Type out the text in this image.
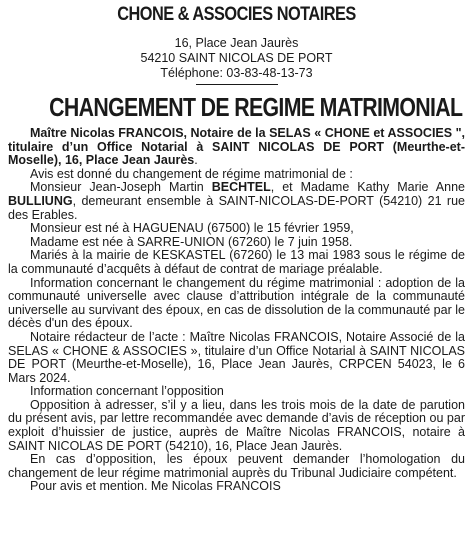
CHONE & ASSOCIES NOTAIRES

16, Place Jean Jaurès

54210 SAINT NICOLAS DE PORT

Téléphone: 03-83-48-13-73

CHANGEMENT DE REGIME MATRIMONIAL

Maître Nicolas FRANCOIS, Notaire de la SELAS « CHONE et ASSOCIES ", titulaire d’un Office Notarial à SAINT NICOLAS DE PORT (Meurthe-et-Moselle), 16, Place Jean Jaurès.

Avis est donné du changement de régime matrimonial de :

Monsieur Jean-Joseph Martin BECHTEL, et Madame Kathy Marie Anne BULLIUNG, demeurant ensemble à SAINT-NICOLAS-DE-PORT (54210) 21 rue des Erables.

Monsieur est né à HAGUENAU (67500) le 15 février 1959,

Madame est née à SARRE-UNION (67260) le 7 juin 1958.

Mariés à la mairie de KESKASTEL (67260) le 13 mai 1983 sous le régime de la communauté d’acquêts à défaut de contrat de mariage préalable.

Information concernant le changement du régime matrimonial : adoption de la communauté universelle avec clause d’attribution intégrale de la communauté universelle au survivant des époux, en cas de dissolution de la communauté par le décès d'un des époux.

Notaire rédacteur de l’acte : Maître Nicolas FRANCOIS, Notaire Associé de la SELAS « CHONE & ASSOCIES », titulaire d’un Office Notarial à SAINT NICOLAS DE PORT (Meurthe-et-Moselle), 16, Place Jean Jaurès, CRPCEN 54023, le 6 Mars 2024.

Information concernant l’opposition

Opposition à adresser, s’il y a lieu, dans les trois mois de la date de parution du présent avis, par lettre recommandée avec demande d’avis de réception ou par exploit d’huissier de justice, auprès de Maître Nicolas FRANCOIS, notaire à SAINT NICOLAS DE PORT (54210), 16, Place Jean Jaurès.

En cas d’opposition, les époux peuvent demander l’homologation du changement de leur régime matrimonial auprès du Tribunal Judiciaire compétent.

Pour avis et mention. Me Nicolas FRANCOIS
